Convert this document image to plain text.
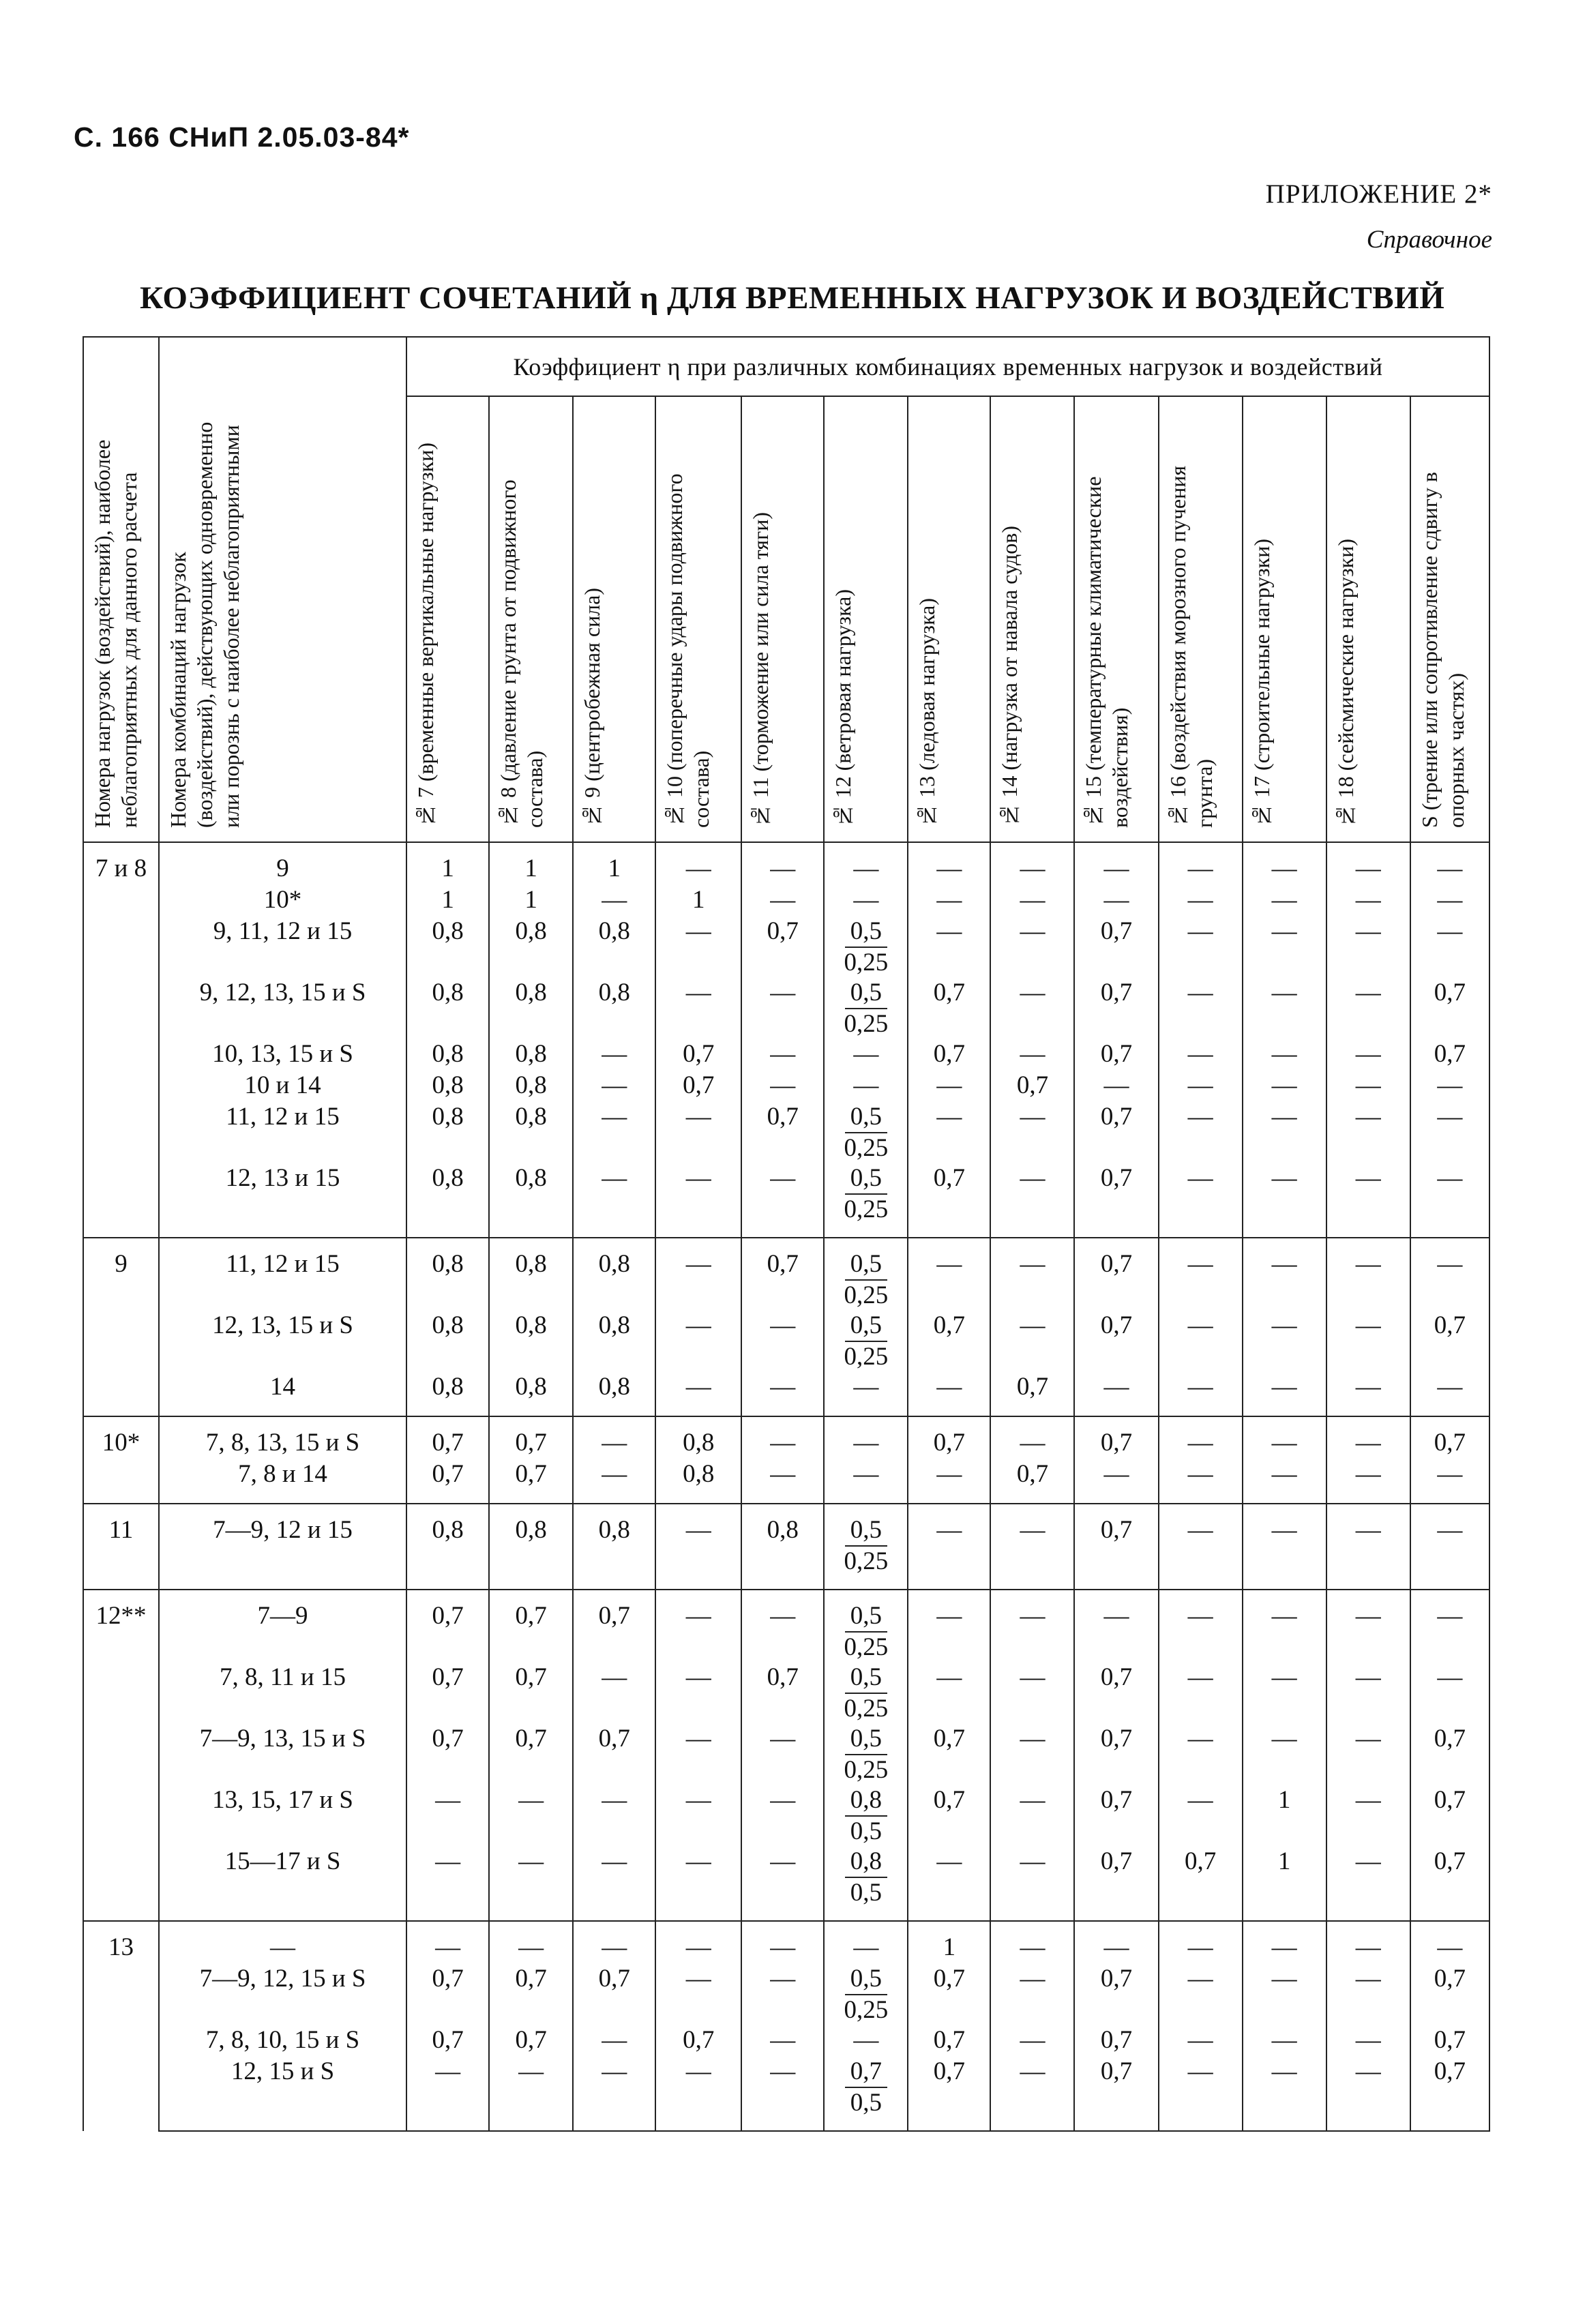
С. 166 СНиП 2.05.03-84*
ПРИЛОЖЕНИЕ 2*
Справочное
КОЭФФИЦИЕНТ СОЧЕТАНИЙ η ДЛЯ ВРЕМЕННЫХ НАГРУЗОК И ВОЗДЕЙСТВИЙ
Номера нагрузок (воздействий), наиболее неблагоприятных для данного расчета	Номера комбинаций нагрузок (воздействий), действующих одновременно или порознь с наиболее неблагоприятными	Коэффициент η при различных комбинациях временных нагрузок и воздействий												
		№ 7 (временные вертикальные нагрузки)	№ 8 (давление грунта от подвижного состава)	№ 9 (центробежная сила)	№ 10 (поперечные удары подвижного состава)	№ 11 (торможение или сила тяги)	№ 12 (ветровая нагрузка)	№ 13 (ледовая нагрузка)	№ 14 (нагрузка от навала судов)	№ 15 (температурные климатические воздействия)	№ 16 (воздействия морозного пучения грунта)	№ 17 (строительные нагрузки)	№ 18 (сейсмические нагрузки)	S (трение или сопротивление сдвигу в опорных частях)
7 и 8	9	1	1	1	—	—	—	—	—	—	—	—	—	—
	10*	1	1	—	1	—	—	—	—	—	—	—	—	—
	9, 11, 12 и 15	0,8	0,8	0,8	—	0,7	$\frac{0,5}{0,25}$	—	—	0,7	—	—	—	—
	9, 12, 13, 15 и S	0,8	0,8	0,8	—	—	$\frac{0,5}{0,25}$	0,7	—	0,7	—	—	—	0,7
	10, 13, 15 и S	0,8	0,8	—	0,7	—	—	0,7	—	0,7	—	—	—	0,7
	10 и 14	0,8	0,8	—	0,7	—	—	—	0,7	—	—	—	—	—
	11, 12 и 15	0,8	0,8	—	—	0,7	$\frac{0,5}{0,25}$	—	—	0,7	—	—	—	—
	12, 13 и 15	0,8	0,8	—	—	—	$\frac{0,5}{0,25}$	0,7	—	0,7	—	—	—	—
9	11, 12 и 15	0,8	0,8	0,8	—	0,7	$\frac{0,5}{0,25}$	—	—	0,7	—	—	—	—
	12, 13, 15 и S	0,8	0,8	0,8	—	—	$\frac{0,5}{0,25}$	0,7	—	0,7	—	—	—	0,7
	14	0,8	0,8	0,8	—	—	—	—	0,7	—	—	—	—	—
10*	7, 8, 13, 15 и S	0,7	0,7	—	0,8	—	—	0,7	—	0,7	—	—	—	0,7
	7, 8 и 14	0,7	0,7	—	0,8	—	—	—	0,7	—	—	—	—	—
11	7—9, 12 и 15	0,8	0,8	0,8	—	0,8	$\frac{0,5}{0,25}$	—	—	0,7	—	—	—	—
12**	7—9	0,7	0,7	0,7	—	—	$\frac{0,5}{0,25}$	—	—	—	—	—	—	—
	7, 8, 11 и 15	0,7	0,7	—	—	0,7	$\frac{0,5}{0,25}$	—	—	0,7	—	—	—	—
	7—9, 13, 15 и S	0,7	0,7	0,7	—	—	$\frac{0,5}{0,25}$	0,7	—	0,7	—	—	—	0,7
	13, 15, 17 и S	—	—	—	—	—	$\frac{0,8}{0,5}$	0,7	—	0,7	—	1	—	0,7
	15—17 и S	—	—	—	—	—	$\frac{0,8}{0,5}$	—	—	0,7	0,7	1	—	0,7
13	—	—	—	—	—	—	—	1	—	—	—	—	—	—
	7—9, 12, 15 и S	0,7	0,7	0,7	—	—	$\frac{0,5}{0,25}$	0,7	—	0,7	—	—	—	0,7
	7, 8, 10, 15 и S	0,7	0,7	—	0,7	—	—	0,7	—	0,7	—	—	—	0,7
	12, 15 и S	—	—	—	—	—	$\frac{0,7}{0,5}$	0,7	—	0,7	—	—	—	0,7
